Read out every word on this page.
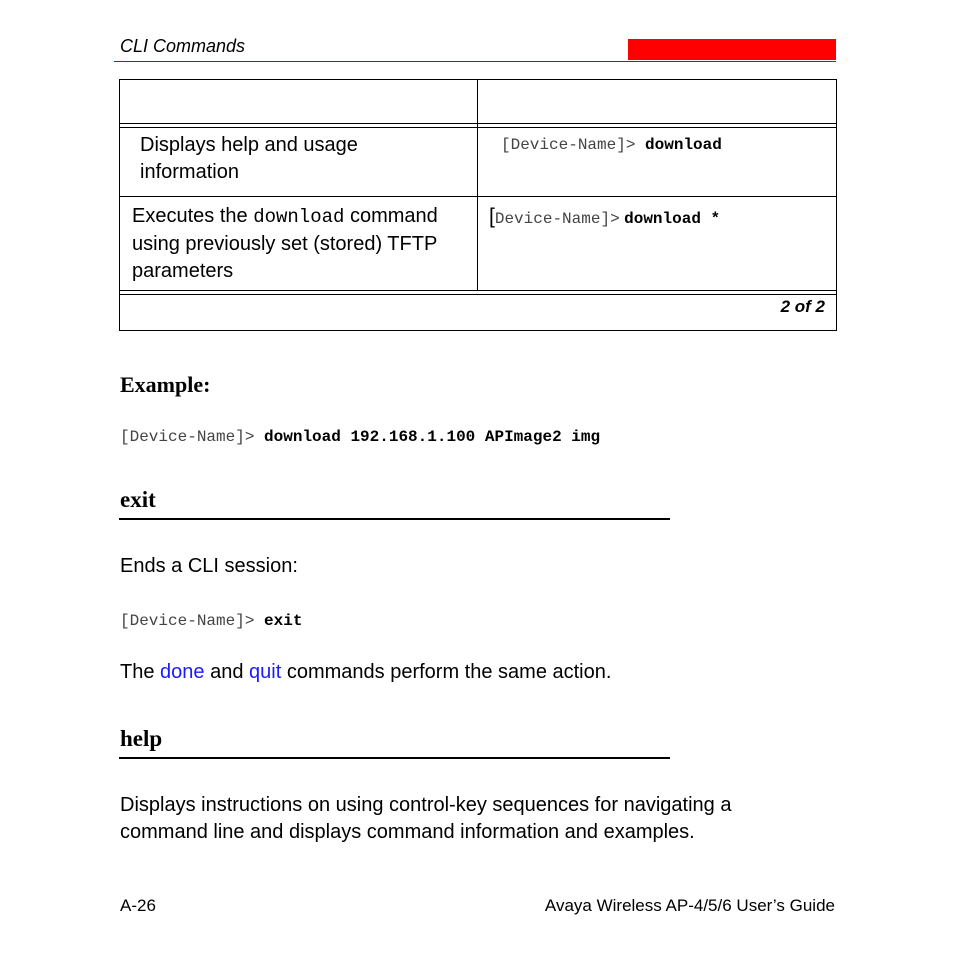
CLI Commands
Displays help and usage information
[Device-Name]> download
Executes the download command using previously set (stored) TFTP parameters
[Device-Name]> download *
2 of 2
Example:
[Device-Name]> download 192.168.1.100 APImage2 img
exit
Ends a CLI session:
[Device-Name]> exit
The done and quit commands perform the same action.
help
Displays instructions on using control-key sequences for navigating a command line and displays command information and examples.
A-26	Avaya Wireless AP-4/5/6 User’s Guide
